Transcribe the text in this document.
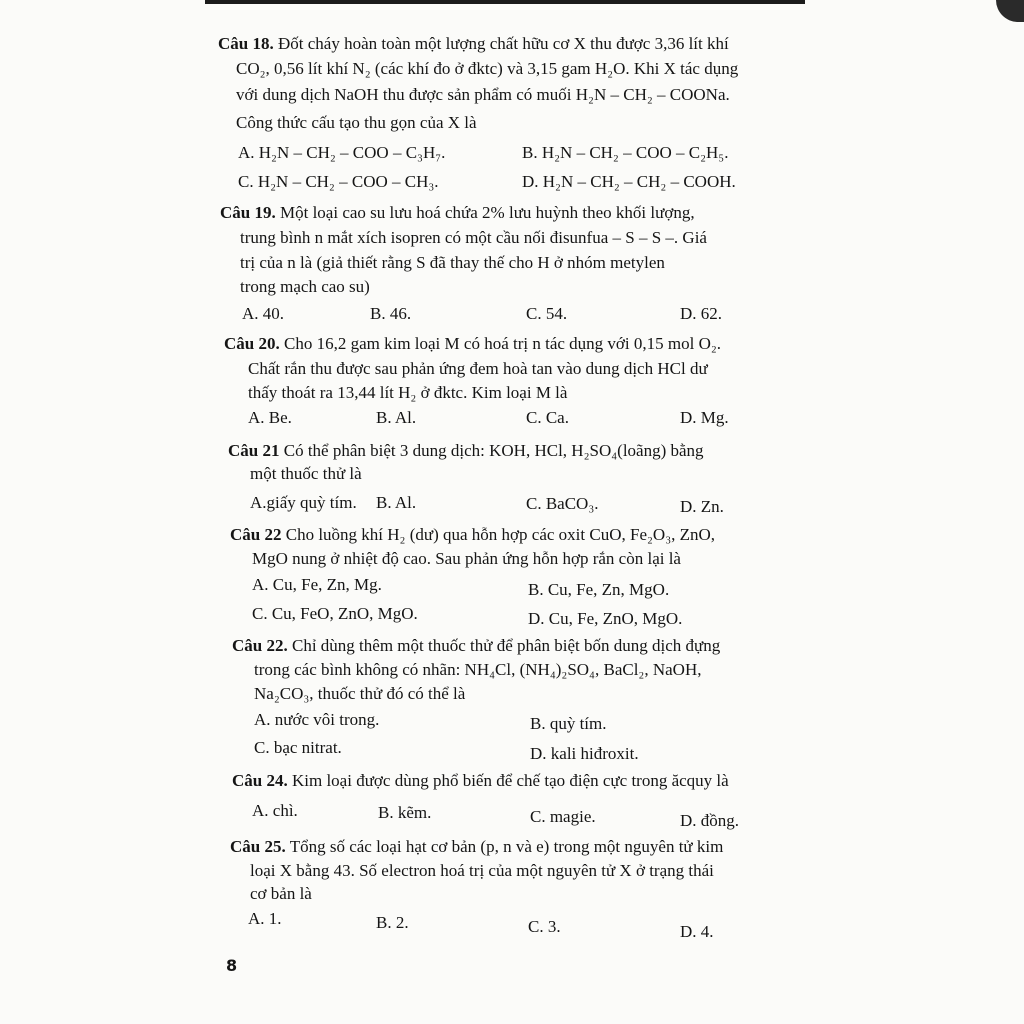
Câu 18. Đốt cháy hoàn toàn một lượng chất hữu cơ X thu được 3,36 lít khí
CO₂, 0,56 lít khí N₂ (các khí đo ở đktc) và 3,15 gam H₂O. Khi X tác dụng
với dung dịch NaOH thu được sản phẩm có muối H₂N – CH₂ – COONa.
Công thức cấu tạo thu gọn của X là
A. H₂N – CH₂ – COO – C₃H₇.	B. H₂N – CH₂ – COO – C₂H₅.
C. H₂N – CH₂ – COO – CH₃.	D. H₂N – CH₂ – CH₂ – COOH.
Câu 19. Một loại cao su lưu hoá chứa 2% lưu huỳnh theo khối lượng,
trung bình n mắt xích isopren có một cầu nối đisunfua – S – S –. Giá
trị của n là (giả thiết rằng S đã thay thế cho H ở nhóm metylen
trong mạch cao su)
A. 40.	B. 46.	C. 54.	D. 62.
Câu 20. Cho 16,2 gam kim loại M có hoá trị n tác dụng với 0,15 mol O₂.
Chất rắn thu được sau phản ứng đem hoà tan vào dung dịch HCl dư
thấy thoát ra 13,44 lít H₂ ở đktc. Kim loại M là
A. Be.	B. Al.	C. Ca.	D. Mg.
Câu 21 Có thể phân biệt 3 dung dịch: KOH, HCl, H₂SO₄(loãng) bằng
một thuốc thử là
A.giấy quỳ tím. B. Al.	C. BaCO₃.	D. Zn.
Câu 22 Cho luồng khí H₂ (dư) qua hỗn hợp các oxit CuO, Fe₂O₃, ZnO,
MgO nung ở nhiệt độ cao. Sau phản ứng hỗn hợp rắn còn lại là
A. Cu, Fe, Zn, Mg.	B. Cu, Fe, Zn, MgO.
C. Cu, FeO, ZnO, MgO.	D. Cu, Fe, ZnO, MgO.
Câu 22. Chỉ dùng thêm một thuốc thử để phân biệt bốn dung dịch đựng
trong các bình không có nhãn: NH₄Cl, (NH₄)₂SO₄, BaCl₂, NaOH,
Na₂CO₃, thuốc thử đó có thể là
A. nước vôi trong.	B. quỳ tím.
C. bạc nitrat.	D. kali hiđroxit.
Câu 24. Kim loại được dùng phổ biến để chế tạo điện cực trong ăcquy là
A. chì.	B. kẽm.	C. magie.	D. đồng.
Câu 25. Tổng số các loại hạt cơ bản (p, n và e) trong một nguyên tử kim
loại X bằng 43. Số electron hoá trị của một nguyên tử X ở trạng thái
cơ bản là
A. 1.	B. 2.	C. 3.	D. 4.
8
